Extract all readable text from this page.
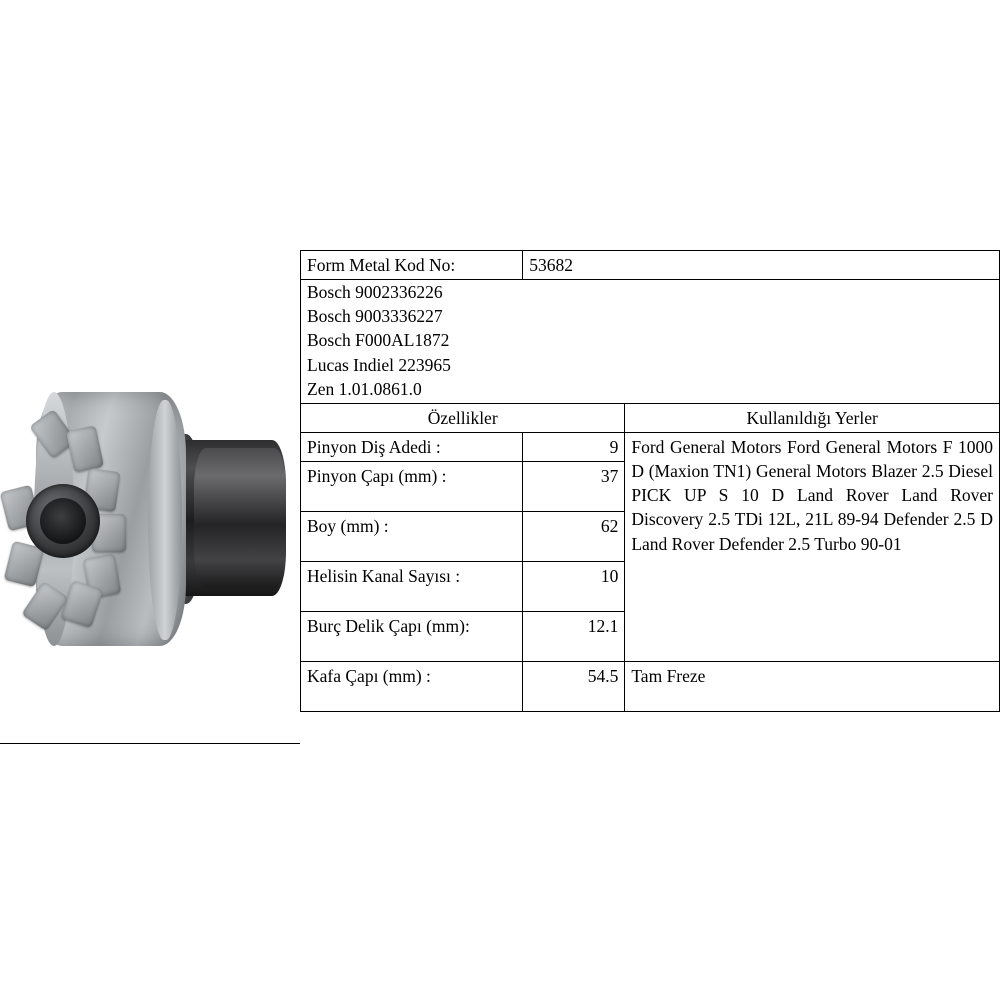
Form Metal Kod No:	53682	

Bosch 9002336226
Bosch 9003336227
Bosch F000AL1872
Lucas Indiel 223965
Zen 1.01.0861.0		

Özellikler		Kullanıldığı Yerler
Pinyon Diş Adedi :	9	Ford General Motors Ford General Motors F 1000 D (Maxion TN1) General Motors Blazer 2.5 Diesel PICK UP S 10 D Land Rover Land Rover Discovery 2.5 TDi 12L, 21L 89-94 Defender 2.5 D Land Rover Defender 2.5 Turbo 90-01
Pinyon Çapı (mm) :	37	
Boy (mm) :	62	
Helisin Kanal Sayısı :	10	
Burç Delik Çapı (mm):	12.1	
Kafa Çapı (mm) :	54.5	Tam Freze
